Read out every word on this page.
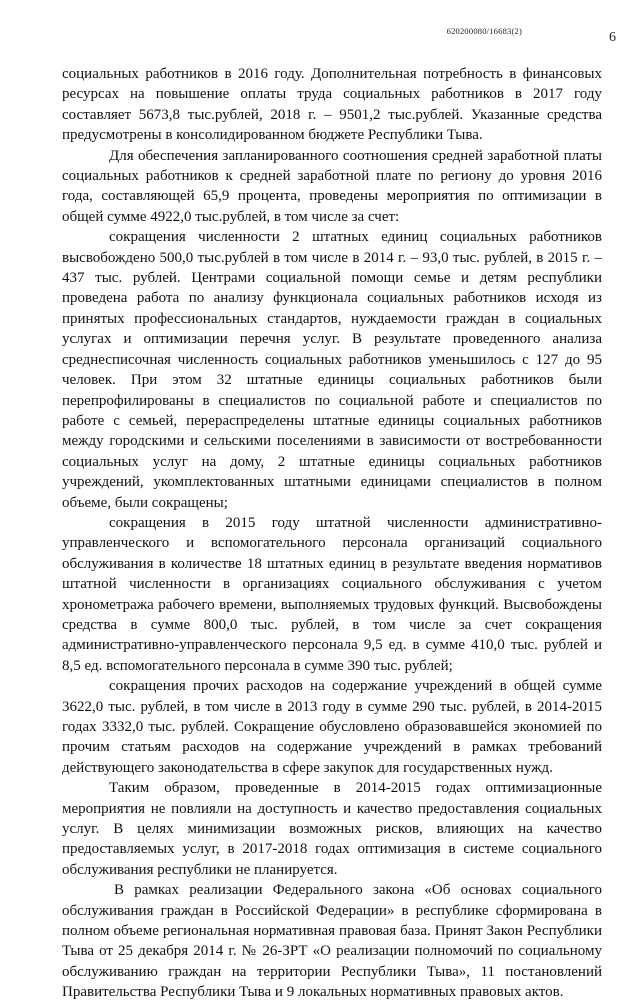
620200080/16683(2)	6

социальных работников в 2016 году. Дополнительная потребность в финансовых ресурсах на повышение оплаты труда социальных работников в 2017 году составляет 5673,8 тыс.рублей, 2018 г. – 9501,2 тыс.рублей. Указанные средства предусмотрены в консолидированном бюджете Республики Тыва.

Для обеспечения запланированного соотношения средней заработной платы социальных работников к средней заработной плате по региону до уровня 2016 года, составляющей 65,9 процента, проведены мероприятия по оптимизации в общей сумме 4922,0 тыс.рублей, в том числе за счет:

сокращения численности 2 штатных единиц социальных работников высвобождено 500,0 тыс.рублей в том числе в 2014 г. – 93,0 тыс. рублей, в 2015 г. – 437 тыс. рублей. Центрами социальной помощи семье и детям республики проведена работа по анализу функционала социальных работников исходя из принятых профессиональных стандартов, нуждаемости граждан в социальных услугах и оптимизации перечня услуг. В результате проведенного анализа среднесписочная численность социальных работников уменьшилось с 127 до 95 человек. При этом 32 штатные единицы социальных работников были перепрофилированы в специалистов по социальной работе и специалистов по работе с семьей, перераспределены штатные единицы социальных работников между городскими и сельскими поселениями в зависимости от востребованности социальных услуг на дому, 2 штатные единицы социальных работников учреждений, укомплектованных штатными единицами специалистов в полном объеме, были сокращены;

сокращения в 2015 году штатной численности административно-управленческого и вспомогательного персонала организаций социального обслуживания в количестве 18 штатных единиц в результате введения нормативов штатной численности в организациях социального обслуживания с учетом хронометража рабочего времени, выполняемых трудовых функций. Высвобождены средства в сумме 800,0 тыс. рублей, в том числе за счет сокращения административно-управленческого персонала 9,5 ед. в сумме 410,0 тыс. рублей и 8,5 ед. вспомогательного персонала в сумме 390 тыс. рублей;

сокращения прочих расходов на содержание учреждений в общей сумме 3622,0 тыс. рублей, в том числе в 2013 году в сумме 290 тыс. рублей, в 2014-2015 годах 3332,0 тыс. рублей. Сокращение обусловлено образовавшейся экономией по прочим статьям расходов на содержание учреждений в рамках требований действующего законодательства в сфере закупок для государственных нужд.

Таким образом, проведенные в 2014-2015 годах оптимизационные мероприятия не повлияли на доступность и качество предоставления социальных услуг. В целях минимизации возможных рисков, влияющих на качество предоставляемых услуг, в 2017-2018 годах оптимизация в системе социального обслуживания республики не планируется.

В рамках реализации Федерального закона «Об основах социального обслуживания граждан в Российской Федерации» в республике сформирована в полном объеме региональная нормативная правовая база. Принят Закон Республики Тыва от 25 декабря 2014 г. № 26-ЗРТ «О реализации полномочий по социальному обслуживанию граждан на территории Республики Тыва», 11 постановлений Правительства Республики Тыва и 9 локальных нормативных правовых актов.
